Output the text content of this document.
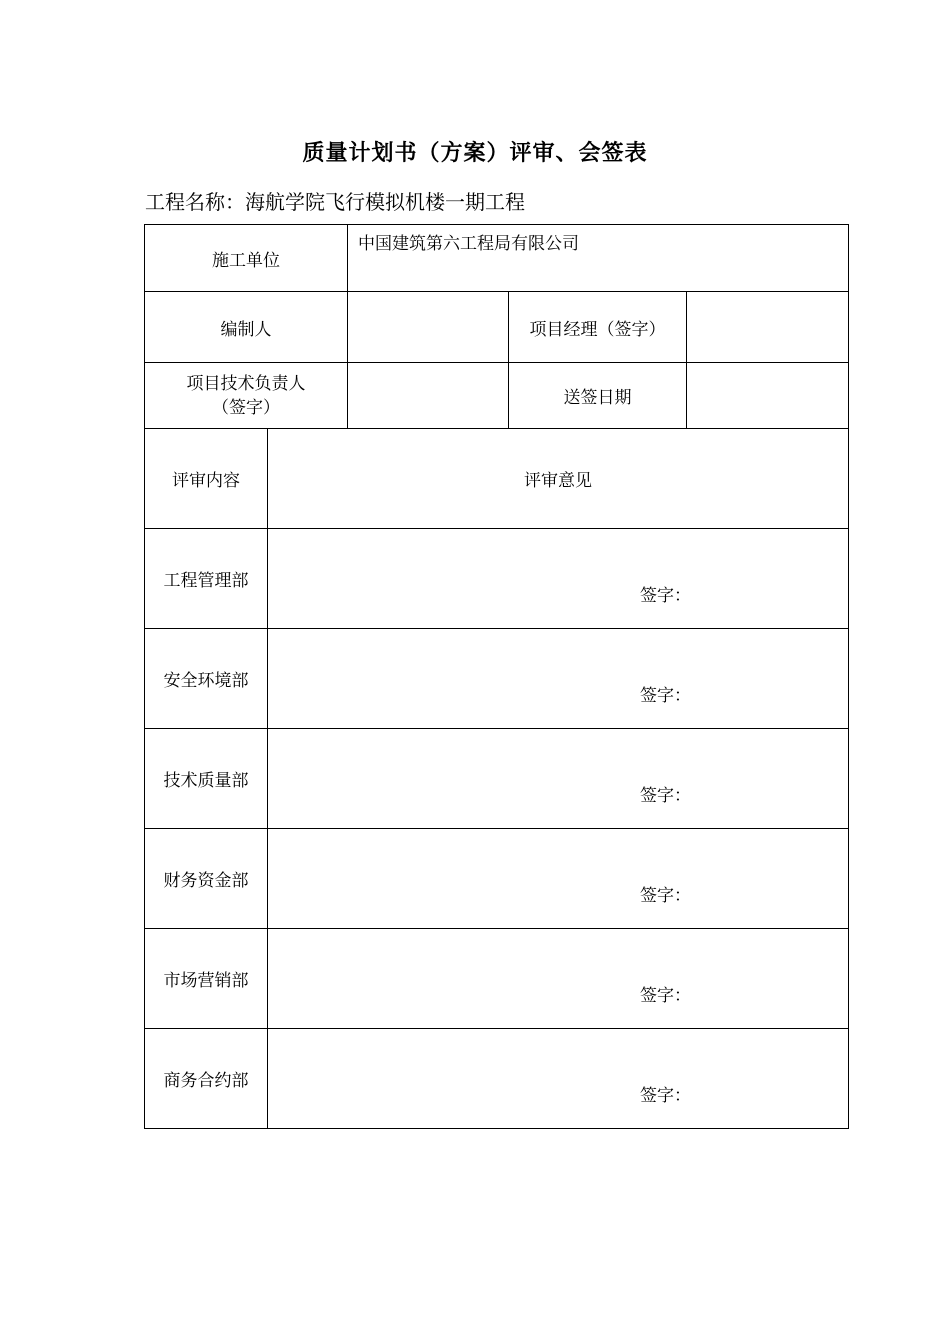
质量计划书（方案）评审、会签表
工程名称：海航学院飞行模拟机楼一期工程
施工单位		中国建筑第六工程局有限公司		
编制人			项目经理（签字）	

项目技术负责人
（签字）			送签日期	
评审内容	评审意见			
工程管理部	签字：			

安全环境部	签字：			

技术质量部	签字：			

财务资金部	签字：			

市场营销部	签字：			

商务合约部	签字：			
